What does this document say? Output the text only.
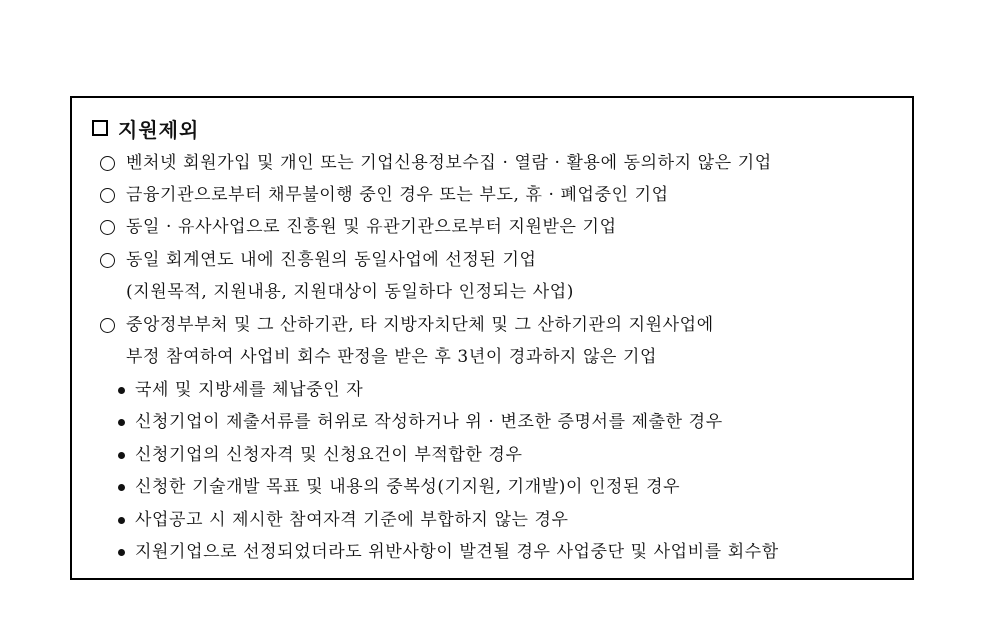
지원제외
벤처넷 회원가입 및 개인 또는 기업신용정보수집 · 열람 · 활용에 동의하지 않은 기업
금융기관으로부터 채무불이행 중인 경우 또는 부도, 휴 · 폐업중인 기업
동일 · 유사사업으로 진흥원 및 유관기관으로부터 지원받은 기업
동일 회계연도 내에 진흥원의 동일사업에 선정된 기업
(지원목적, 지원내용, 지원대상이 동일하다 인정되는 사업)
중앙정부부처 및 그 산하기관, 타 지방자치단체 및 그 산하기관의 지원사업에
부정 참여하여 사업비 회수 판정을 받은 후 3년이 경과하지 않은 기업
국세 및 지방세를 체납중인 자
신청기업이 제출서류를 허위로 작성하거나 위 · 변조한 증명서를 제출한 경우
신청기업의 신청자격 및 신청요건이 부적합한 경우
신청한 기술개발 목표 및 내용의 중복성(기지원, 기개발)이 인정된 경우
사업공고 시 제시한 참여자격 기준에 부합하지 않는 경우
지원기업으로 선정되었더라도 위반사항이 발견될 경우 사업중단 및 사업비를 회수함
